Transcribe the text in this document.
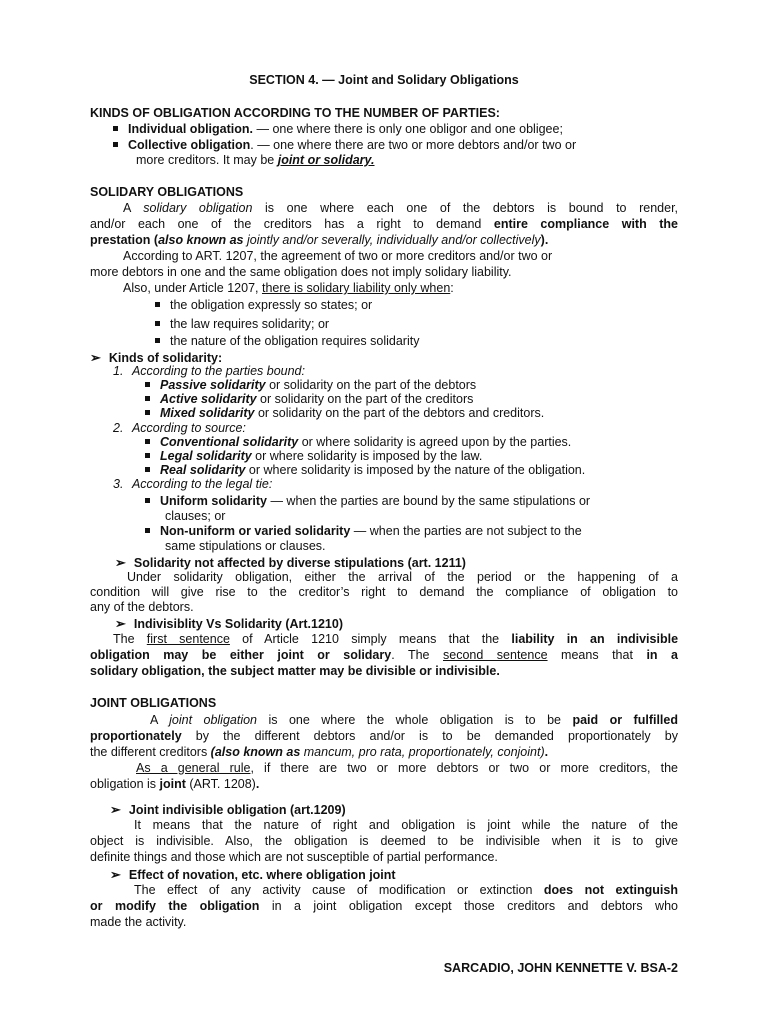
SECTION 4. — Joint and Solidary Obligations
KINDS OF OBLIGATION ACCORDING TO THE NUMBER OF PARTIES:
Individual obligation. — one where there is only one obligor and one obligee;
Collective obligation. — one where there are two or more debtors and/or two or
more creditors. It may be joint or solidary.
SOLIDARY OBLIGATIONS
A solidary obligation is one where each one of the debtors is bound to render,
and/or each one of the creditors has a right to demand entire compliance with the
prestation (also known as jointly and/or severally, individually and/or collectively).
According to ART. 1207, the agreement of two or more creditors and/or two or
more debtors in one and the same obligation does not imply solidary liability.
Also, under Article 1207, there is solidary liability only when:
the obligation expressly so states; or
the law requires solidarity; or
the nature of the obligation requires solidarity
➢ Kinds of solidarity:
1. According to the parties bound:
Passive solidarity or solidarity on the part of the debtors
Active solidarity or solidarity on the part of the creditors
Mixed solidarity or solidarity on the part of the debtors and creditors.
2. According to source:
Conventional solidarity or where solidarity is agreed upon by the parties.
Legal solidarity or where solidarity is imposed by the law.
Real solidarity or where solidarity is imposed by the nature of the obligation.
3. According to the legal tie:
Uniform solidarity — when the parties are bound by the same stipulations or
clauses; or
Non-uniform or varied solidarity — when the parties are not subject to the
same stipulations or clauses.
➢ Solidarity not affected by diverse stipulations (art. 1211)
Under solidarity obligation, either the arrival of the period or the happening of a
condition will give rise to the creditor’s right to demand the compliance of obligation to
any of the debtors.
➢ Indivisiblity Vs Solidarity (Art.1210)
The first sentence of Article 1210 simply means that the liability in an indivisible
obligation may be either joint or solidary. The second sentence means that in a
solidary obligation, the subject matter may be divisible or indivisible.
JOINT OBLIGATIONS
A joint obligation is one where the whole obligation is to be paid or fulfilled
proportionately by the different debtors and/or is to be demanded proportionately by
the different creditors (also known as mancum, pro rata, proportionately, conjoint).
As a general rule, if there are two or more debtors or two or more creditors, the
obligation is joint (ART. 1208).
➢ Joint indivisible obligation (art.1209)
It means that the nature of right and obligation is joint while the nature of the
object is indivisible. Also, the obligation is deemed to be indivisible when it is to give
definite things and those which are not susceptible of partial performance.
➢ Effect of novation, etc. where obligation joint
The effect of any activity cause of modification or extinction does not extinguish
or modify the obligation in a joint obligation except those creditors and debtors who
made the activity.
SARCADIO, JOHN KENNETTE V. BSA-2
